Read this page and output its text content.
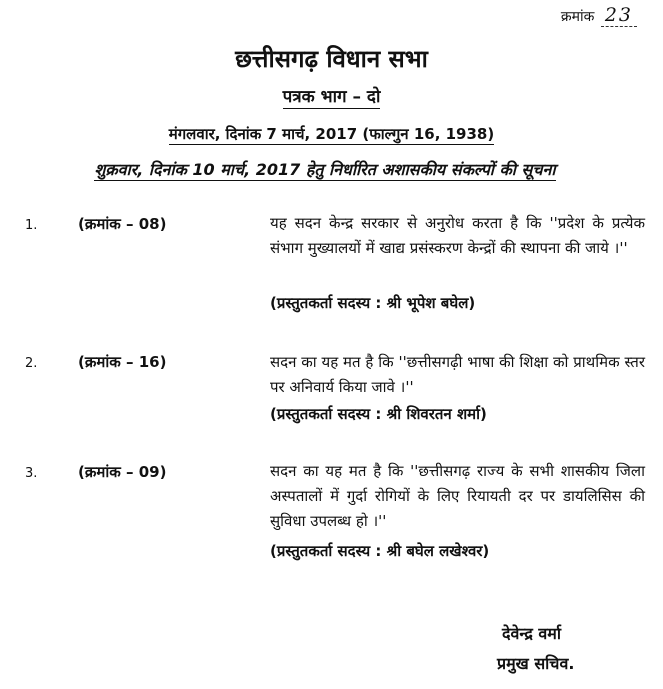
क्रमांक 23
छत्तीसगढ़ विधान सभा
पत्रक भाग – दो
मंगलवार, दिनांक 7 मार्च, 2017 (फाल्गुन 16, 1938)
शुक्रवार, दिनांक 10 मार्च, 2017 हेतु निर्धारित अशासकीय संकल्पों की सूचना
1.	(क्रमांक – 08)	यह सदन केन्द्र सरकार से अनुरोध करता है कि ''प्रदेश के प्रत्येक संभाग मुख्यालयों में खाद्य प्रसंस्करण केन्द्रों की स्थापना की जाये ।''
(प्रस्तुतकर्ता सदस्य : श्री भूपेश बघेल)
2.	(क्रमांक – 16)	सदन का यह मत है कि ''छत्तीसगढ़ी भाषा की शिक्षा को प्राथमिक स्तर पर अनिवार्य किया जावे ।''
(प्रस्तुतकर्ता सदस्य : श्री शिवरतन शर्मा)
3.	(क्रमांक – 09)	सदन का यह मत है कि ''छत्तीसगढ़ राज्य के सभी शासकीय जिला अस्पतालों में गुर्दा रोगियों के लिए रियायती दर पर डायलिसिस की सुविधा उपलब्ध हो ।''
(प्रस्तुतकर्ता सदस्य : श्री बघेल लखेश्वर)
देवेन्द्र वर्मा
प्रमुख सचिव.
